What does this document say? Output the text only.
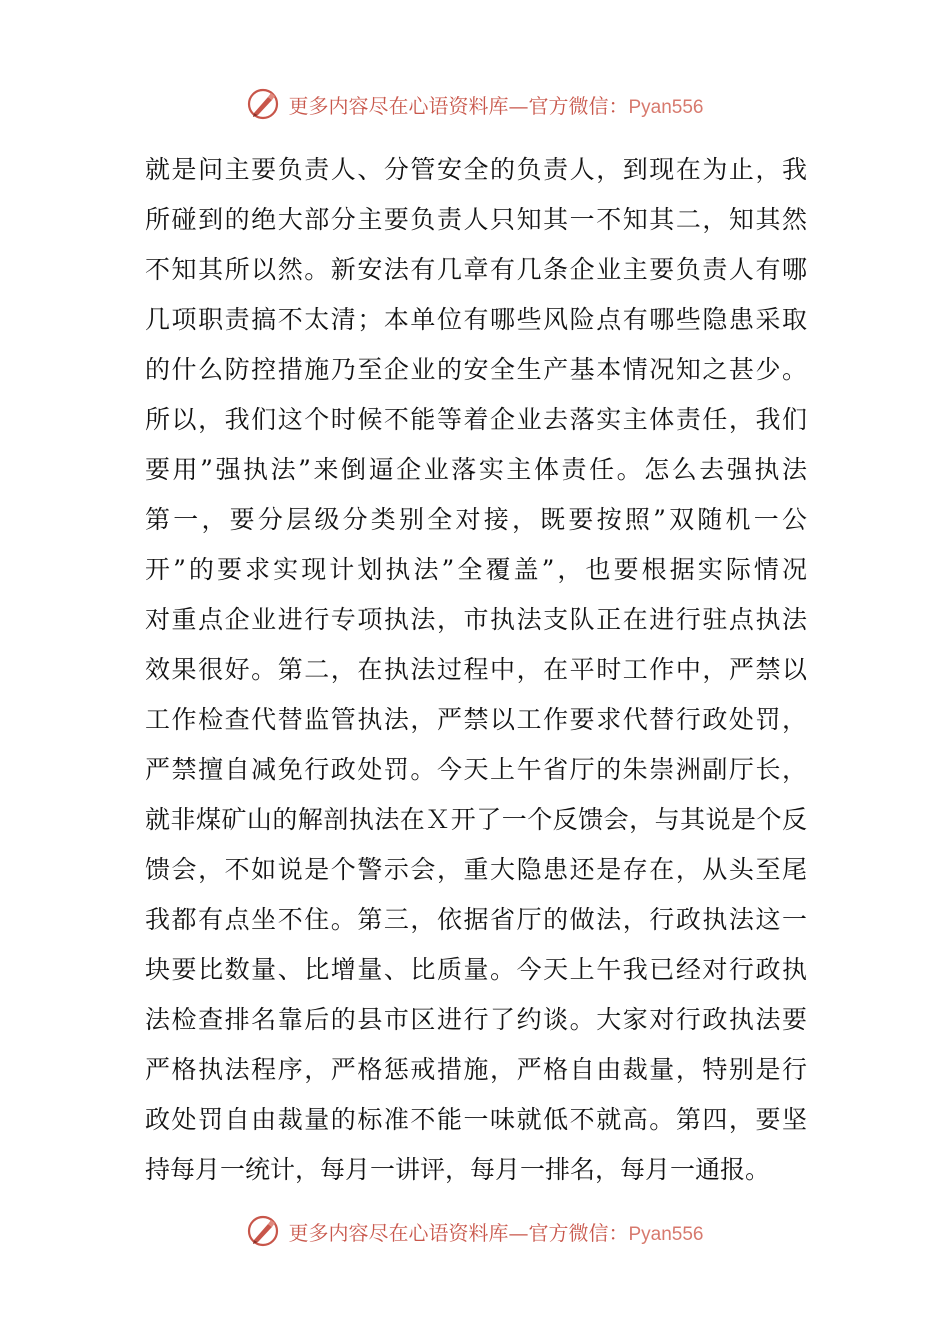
更多内容尽在心语资料库—官方微信：Pyan556
就是问主要负责人、分管安全的负责人，到现在为止，我
所碰到的绝大部分主要负责人只知其一不知其二，知其然
不知其所以然。新安法有几章有几条企业主要负责人有哪
几项职责搞不太清；本单位有哪些风险点有哪些隐患采取
的什么防控措施乃至企业的安全生产基本情况知之甚少。
所以，我们这个时候不能等着企业去落实主体责任，我们
要用”强执法”来倒逼企业落实主体责任。怎么去强执法
第一，要分层级分类别全对接，既要按照”双随机一公
开”的要求实现计划执法”全覆盖”，也要根据实际情况
对重点企业进行专项执法，市执法支队正在进行驻点执法
效果很好。第二，在执法过程中，在平时工作中，严禁以
工作检查代替监管执法，严禁以工作要求代替行政处罚，
严禁擅自减免行政处罚。今天上午省厅的朱崇洲副厅长，
就非煤矿山的解剖执法在Ｘ开了一个反馈会，与其说是个反
馈会，不如说是个警示会，重大隐患还是存在，从头至尾
我都有点坐不住。第三，依据省厅的做法，行政执法这一
块要比数量、比增量、比质量。今天上午我已经对行政执
法检查排名靠后的县市区进行了约谈。大家对行政执法要
严格执法程序，严格惩戒措施，严格自由裁量，特别是行
政处罚自由裁量的标准不能一味就低不就高。第四，要坚
持每月一统计，每月一讲评，每月一排名，每月一通报。
更多内容尽在心语资料库—官方微信：Pyan556
